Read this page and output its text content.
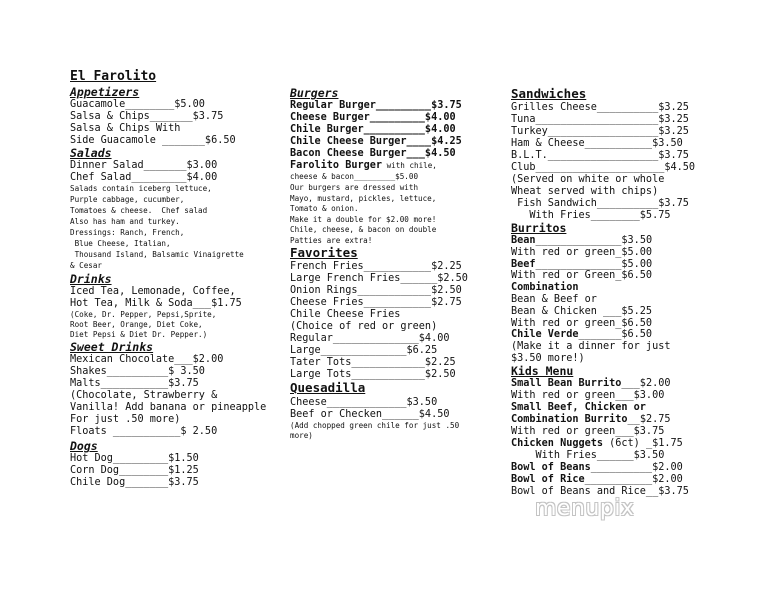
El Farolito
Appetizers
Guacamole________$5.00
Salsa & Chips_______$3.75
Salsa & Chips With
Side Guacamole _______$6.50
Salads
Dinner Salad_______$3.00
Chef Salad_________$4.00
Salads contain iceberg lettuce,
Purple cabbage, cucumber,
Tomatoes & cheese.  Chef salad
Also has ham and turkey.
Dressings: Ranch, French,
Blue Cheese, Italian,
Thousand Island, Balsamic Vinaigrette
& Cesar
Drinks
Iced Tea, Lemonade, Coffee,
Hot Tea, Milk & Soda___$1.75
(Coke, Dr. Pepper, Pepsi,Sprite,
Root Beer, Orange, Diet Coke,
Diet Pepsi & Diet Dr. Pepper.)
Sweet Drinks
Mexican Chocolate___$2.00
Shakes__________$ 3.50
Malts___________$3.75
(Chocolate, Strawberry &
Vanilla! Add banana or pineapple
For just .50 more)
Floats ___________$ 2.50
Dogs
Hot Dog_________$1.50
Corn Dog________$1.25
Chile Dog_______$3.75
Burgers
Regular Burger_________$3.75
Cheese Burger_________$4.00
Chile Burger__________$4.00
Chile Cheese Burger____$4.25
Bacon Cheese Burger___$4.50
Farolito Burger with chile,
cheese & bacon_________$5.00
Our burgers are dressed with
Mayo, mustard, pickles, lettuce,
Tomato & onion.
Make it a double for $2.00 more!
Chile, cheese, & bacon on double
Patties are extra!
Favorites
French Fries___________$2.25
Large French Fries______$2.50
Onion Rings____________$2.50
Cheese Fries___________$2.75
Chile Cheese Fries
(Choice of red or green)
Regular______________$4.00
Large______________$6.25
Tater Tots____________$2.25
Large Tots____________$2.50
Quesadilla
Cheese_____________$3.50
Beef or Checken______$4.50
(Add chopped green chile for just .50
more)
Sandwiches
Grilles Cheese__________$3.25
Tuna____________________$3.25
Turkey__________________$3.25
Ham & Cheese___________$3.50
B.L.T.__________________$3.75
Club_____________________$4.50
(Served on white or whole
Wheat served with chips)
Fish Sandwich__________$3.75
With Fries________$5.75
Burritos
Bean______________$3.50
With red or green_$5.00
Beef______________$5.00
With red or Green_$6.50
Combination
Bean & Beef or
Bean & Chicken ___$5.25
With red or green_$6.50
Chile Verde_______$6.50
(Make it a dinner for just
$3.50 more!)
Kids Menu
Small Bean Burrito___$2.00
With red or green___$3.00
Small Beef, Chicken or
Combination Burrito__$2.75
With red or green___$3.75
Chicken Nuggets (6ct) _$1.75
With Fries______$3.50
Bowl of Beans__________$2.00
Bowl of Rice___________$2.00
Bowl of Beans and Rice__$3.75
menupix
